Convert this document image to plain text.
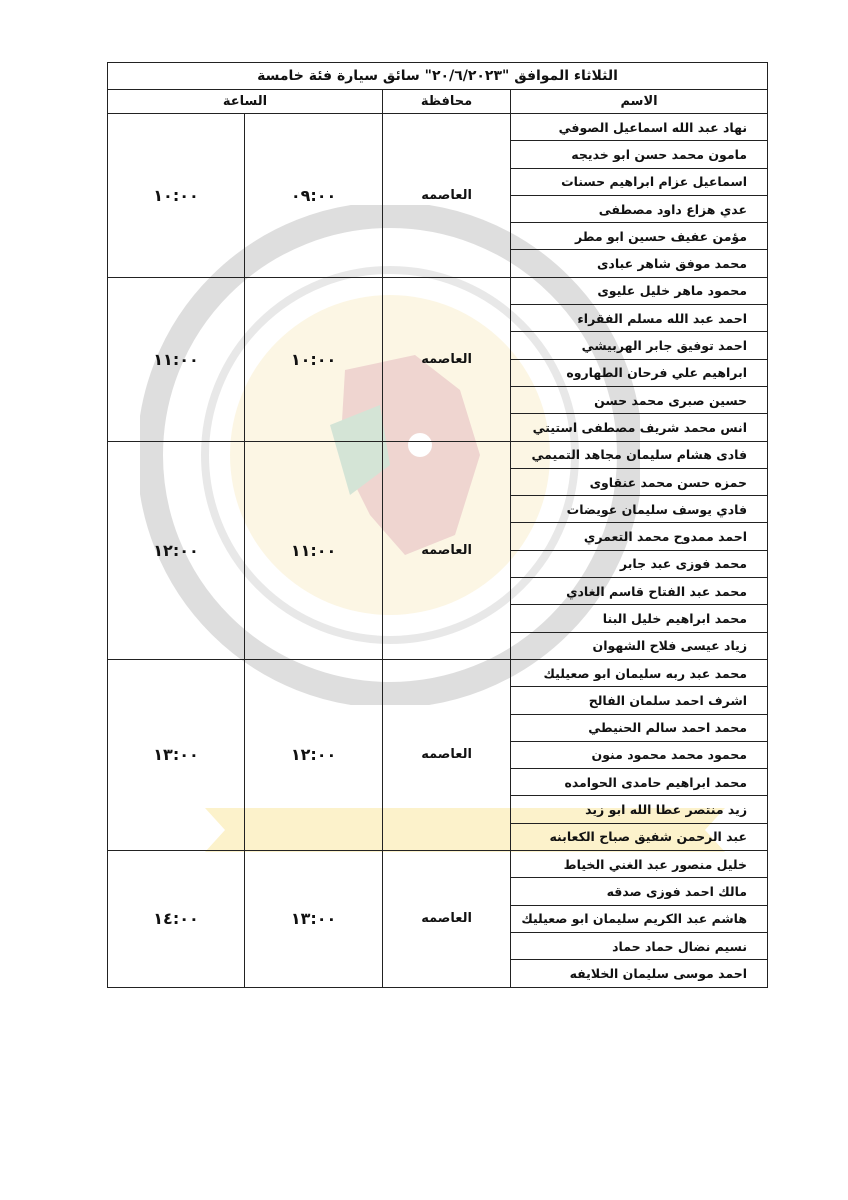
الثلاثاء الموافق "٢٠/٦/٢٠٢٣" سائق سيارة فئة خامسة			
الاسم	محافظة	الساعة	
نهاد عبد الله اسماعيل الصوفي	العاصمه	٠٩:٠٠	١٠:٠٠
مامون محمد حسن ابو خديجه			
اسماعيل عزام ابراهيم حسنات			
عدي هزاع داود مصطفى			
مؤمن عفيف حسين ابو مطر			
محمد موفق شاهر عبادى			
محمود ماهر خليل عليوى	العاصمه	١٠:٠٠	١١:٠٠
احمد عبد الله مسلم الفقراء			
احمد توفيق جابر الهربيشي			
ابراهيم علي فرحان الطهاروه			
حسين صبرى محمد حسن			
انس محمد شريف مصطفى استيتي			
فادى هشام سليمان مجاهد التميمي	العاصمه	١١:٠٠	١٢:٠٠
حمزه حسن محمد عنقاوى			
فادي يوسف سليمان عويضات			
احمد ممدوح محمد التعمري			
محمد فوزى عبد جابر			
محمد عبد الفتاح قاسم الغادي			
محمد ابراهيم خليل البنا			
زياد عيسى فلاح الشهوان			
محمد عبد ربه سليمان ابو صعيليك	العاصمه	١٢:٠٠	١٣:٠٠
اشرف احمد سلمان الفالح			
محمد احمد سالم الحنيطي			
محمود محمد محمود منون			
محمد ابراهيم حامدى الحوامده			
زيد منتصر عطا الله ابو زيد			
عبد الرحمن شفيق صباح الكعابنه			
خليل منصور عبد الغني الخياط	العاصمه	١٣:٠٠	١٤:٠٠
مالك احمد فوزى صدقه			
هاشم عبد الكريم سليمان ابو صعيليك			
نسيم نضال حماد حماد			
احمد موسى سليمان الخلايفه			
